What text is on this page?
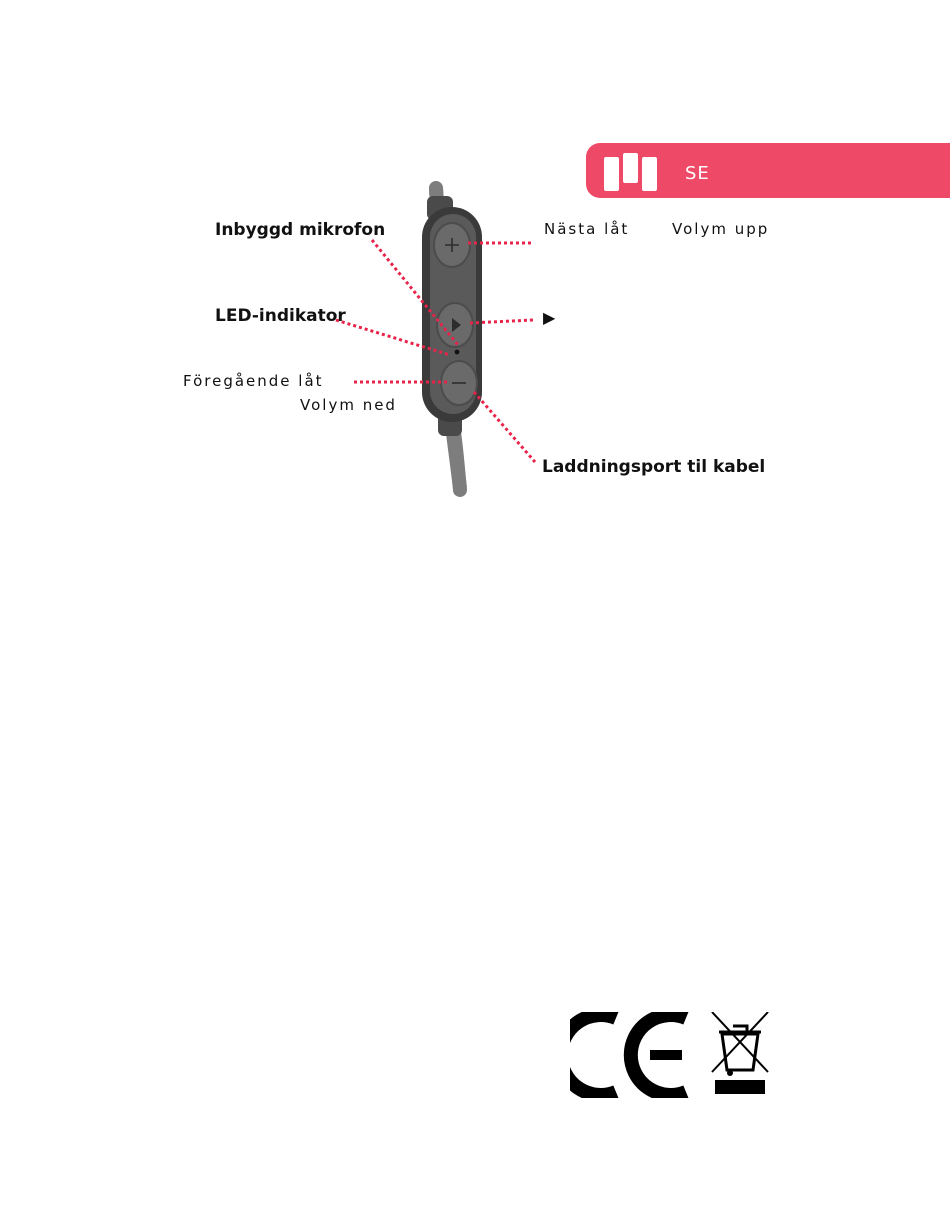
SE
Inbyggd mikrofon
LED-indikator
Föregående låt
Volym ned
Nästa låt	Volym upp
▶
Laddningsport til kabel
